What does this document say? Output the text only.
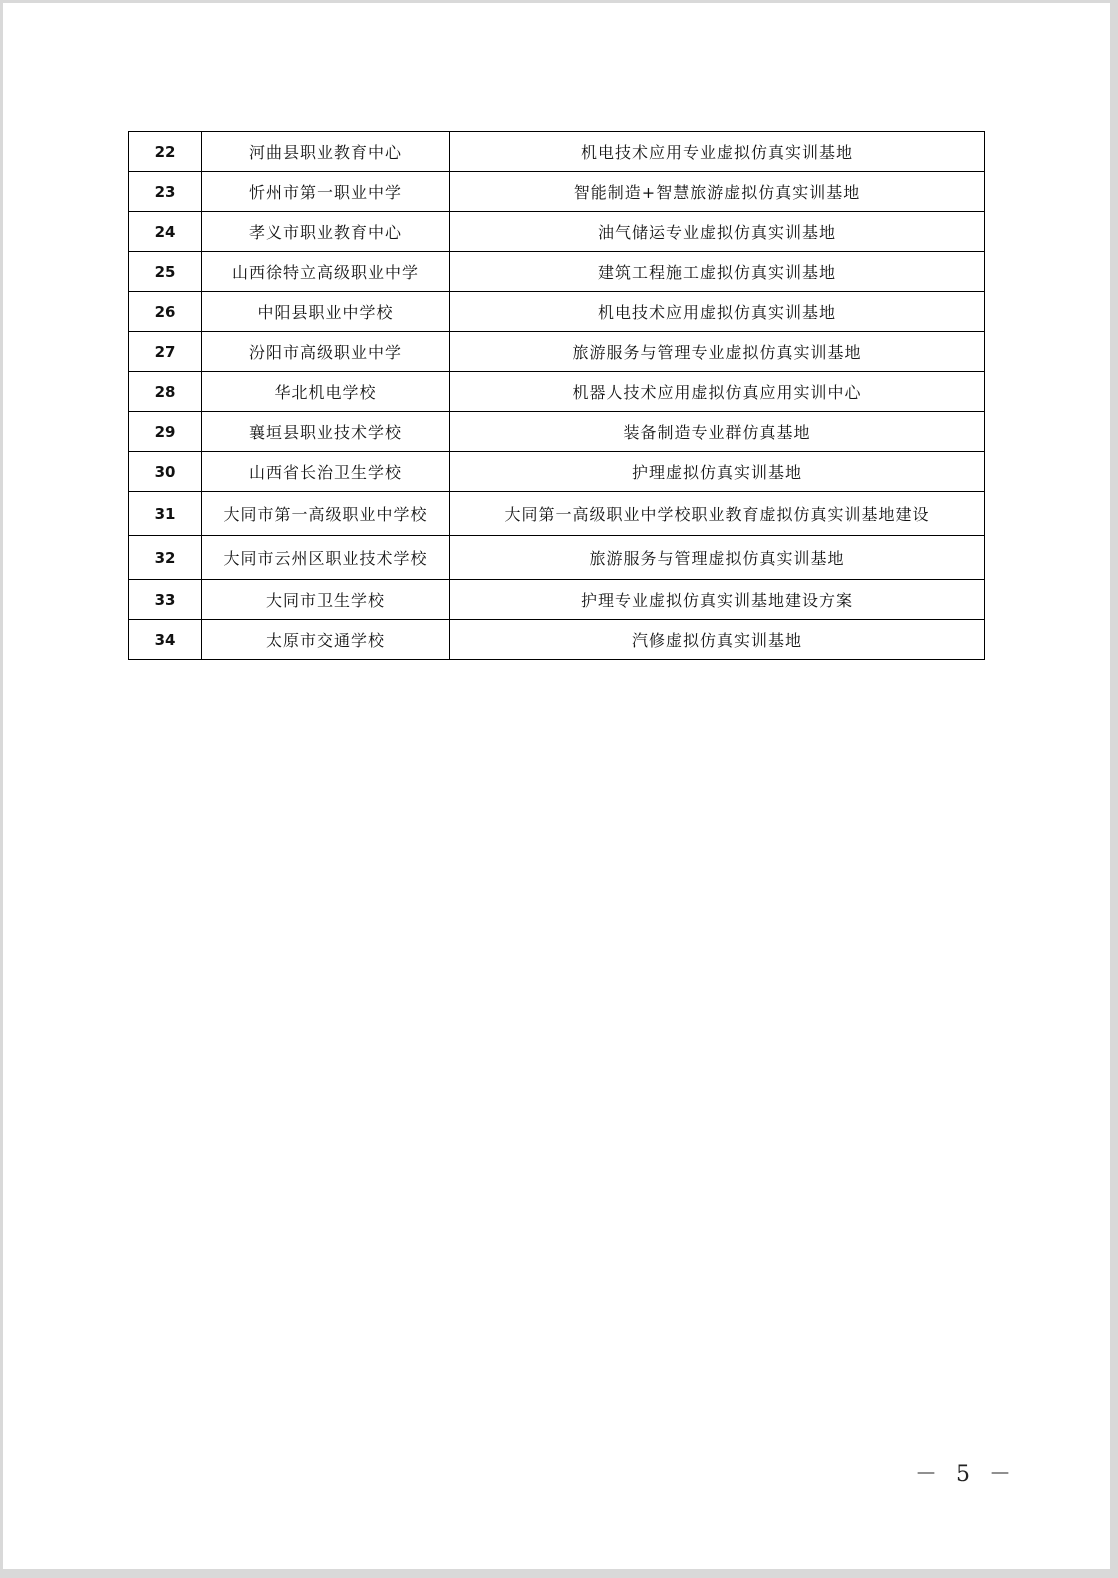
22	河曲县职业教育中心	机电技术应用专业虚拟仿真实训基地
23	忻州市第一职业中学	智能制造+智慧旅游虚拟仿真实训基地
24	孝义市职业教育中心	油气储运专业虚拟仿真实训基地
25	山西徐特立高级职业中学	建筑工程施工虚拟仿真实训基地
26	中阳县职业中学校	机电技术应用虚拟仿真实训基地
27	汾阳市高级职业中学	旅游服务与管理专业虚拟仿真实训基地
28	华北机电学校	机器人技术应用虚拟仿真应用实训中心
29	襄垣县职业技术学校	装备制造专业群仿真基地
30	山西省长治卫生学校	护理虚拟仿真实训基地
31	大同市第一高级职业中学校	大同第一高级职业中学校职业教育虚拟仿真实训基地建设
32	大同市云州区职业技术学校	旅游服务与管理虚拟仿真实训基地
33	大同市卫生学校	护理专业虚拟仿真实训基地建设方案
34	太原市交通学校	汽修虚拟仿真实训基地
－ 5 －
